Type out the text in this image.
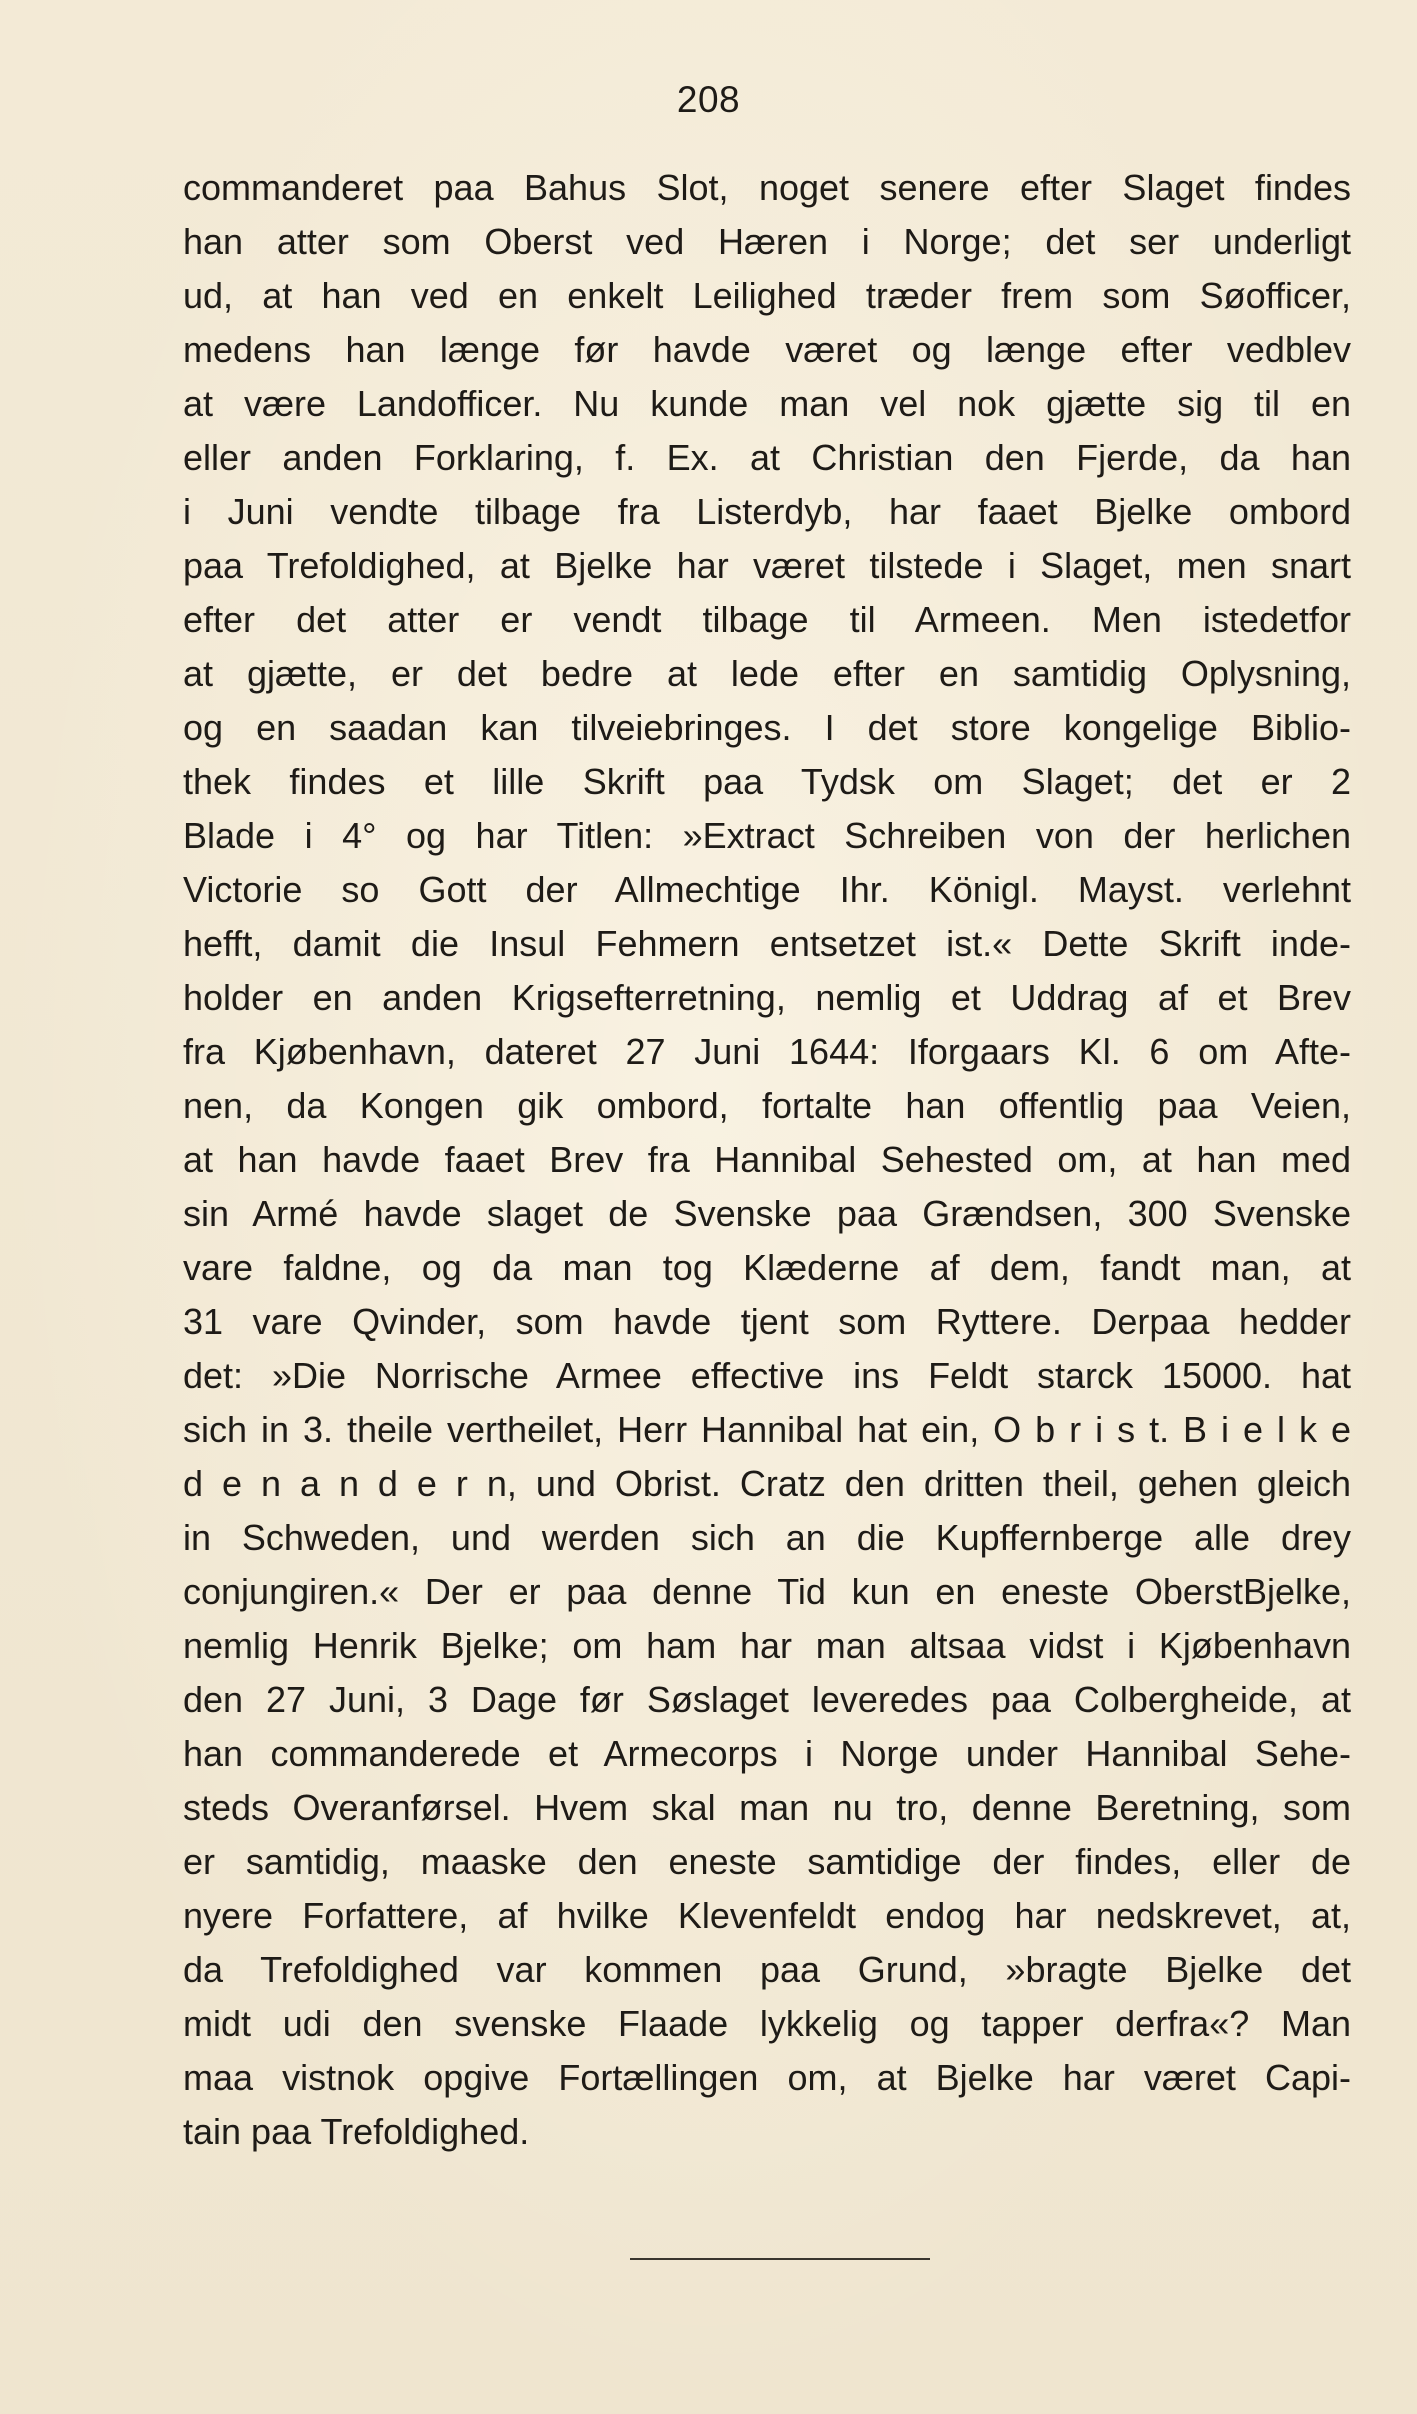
208
commanderet paa Bahus Slot, noget senere efter Slaget findes
han atter som Oberst ved Hæren i Norge; det ser underligt
ud, at han ved en enkelt Leilighed træder frem som Søofficer,
medens han længe før havde været og længe efter vedblev
at være Landofficer. Nu kunde man vel nok gjætte sig til en
eller anden Forklaring, f. Ex. at Christian den Fjerde, da han
i Juni vendte tilbage fra Listerdyb, har faaet Bjelke ombord
paa Trefoldighed, at Bjelke har været tilstede i Slaget, men snart
efter det atter er vendt tilbage til Armeen. Men istedetfor
at gjætte, er det bedre at lede efter en samtidig Oplysning,
og en saadan kan tilveiebringes. I det store kongelige Biblio-
thek findes et lille Skrift paa Tydsk om Slaget; det er 2
Blade i 4° og har Titlen: »Extract Schreiben von der herlichen
Victorie so Gott der Allmechtige Ihr. Königl. Mayst. verlehnt
hefft, damit die Insul Fehmern entsetzet ist.« Dette Skrift inde-
holder en anden Krigsefterretning, nemlig et Uddrag af et Brev
fra Kjøbenhavn, dateret 27 Juni 1644: Iforgaars Kl. 6 om Afte-
nen, da Kongen gik ombord, fortalte han offentlig paa Veien,
at han havde faaet Brev fra Hannibal Sehested om, at han med
sin Armé havde slaget de Svenske paa Grændsen, 300 Svenske
vare faldne, og da man tog Klæderne af dem, fandt man, at
31 vare Qvinder, som havde tjent som Ryttere. Derpaa hedder
det: »Die Norrische Armee effective ins Feldt starck 15000. hat
sich in 3. theile vertheilet, Herr Hannibal hat ein, O b r i s t. B i e l k e
d e n a n d e r n, und Obrist. Cratz den dritten theil, gehen gleich
in Schweden, und werden sich an die Kupffernberge alle drey
conjungiren.« Der er paa denne Tid kun en eneste OberstBjelke,
nemlig Henrik Bjelke; om ham har man altsaa vidst i Kjøbenhavn
den 27 Juni, 3 Dage før Søslaget leveredes paa Colbergheide, at
han commanderede et Armecorps i Norge under Hannibal Sehe-
steds Overanførsel. Hvem skal man nu tro, denne Beretning, som
er samtidig, maaske den eneste samtidige der findes, eller de
nyere Forfattere, af hvilke Klevenfeldt endog har nedskrevet, at,
da Trefoldighed var kommen paa Grund, »bragte Bjelke det
midt udi den svenske Flaade lykkelig og tapper derfra«? Man
maa vistnok opgive Fortællingen om, at Bjelke har været Capi-
tain paa Trefoldighed.
